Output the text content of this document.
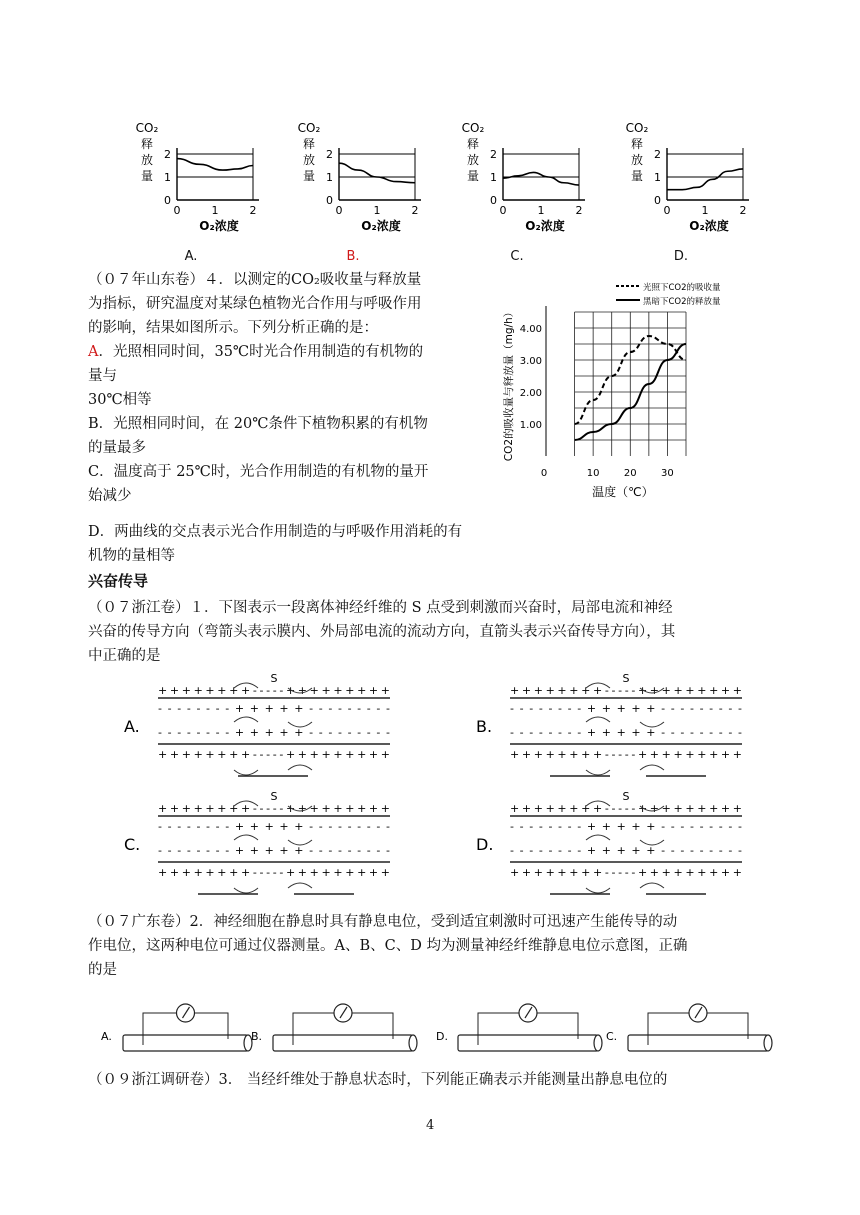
CO₂
释
放
量
0
1
2
0	1	2
O₂浓度
A.
CO₂
释
放
量
0
1
2
0	1	2
O₂浓度
B.
CO₂
释
放
量
0
1
2
0	1	2
O₂浓度
C.
CO₂
释
放
量
0
1
2
0	1	2
O₂浓度
D.
（０７年山东卷）４．以测定的CO₂吸收量与释放量
为指标，研究温度对某绿色植物光合作用与呼吸作用
的影响，结果如图所示。下列分析正确的是：
A．光照相同时间，35℃时光合作用制造的有机物的
量与
30℃相等
B．光照相同时间，在 20℃条件下植物积累的有机物
的量最多
C．温度高于 25℃时，光合作用制造的有机物的量开
始减少
D．两曲线的交点表示光合作用制造的与呼吸作用消耗的有
机物的量相等
1.00
2.00
3.00
4.00
0	10 20 30
温度（℃）
CO2的吸收量与释放量（mg/h）
光照下CO2的吸收量
黑暗下CO2的释放量
兴奋传导
（０７浙江卷）１．下图表示一段离体神经纤维的 S 点受到刺激而兴奋时，局部电流和神经
兴奋的传导方向（弯箭头表示膜内、外局部电流的流动方向，直箭头表示兴奋传导方向），其
中正确的是
A.
S
+ + + + + + + + - - - - - + + + + + + + + +
- - - - - - - - + + + + + - - - - - - - - -
- - - - - - - - + + + + + - - - - - - - - -
+ + + + + + + + - - - - - + + + + + + + + +
B.
S
+ + + + + + + + - - - - - + + + + + + + + +
- - - - - - - - + + + + + - - - - - - - - -
- - - - - - - - + + + + + - - - - - - - - -
+ + + + + + + + - - - - - + + + + + + + + +
C.
S
+ + + + + + + + - - - - - + + + + + + + + +
- - - - - - - - + + + + + - - - - - - - - -
- - - - - - - - + + + + + - - - - - - - - -
+ + + + + + + + - - - - - + + + + + + + + +
D.
S
+ + + + + + + + - - - - - + + + + + + + + +
- - - - - - - - + + + + + - - - - - - - - -
- - - - - - - - + + + + + - - - - - - - - -
+ + + + + + + + - - - - - + + + + + + + + +
（０７广东卷）2．神经细胞在静息时具有静息电位，受到适宜刺激时可迅速产生能传导的动
作电位，这两种电位可通过仪器测量。A、B、C、D 均为测量神经纤维静息电位示意图，正确
的是
A.	B.	D.	C.
（０９浙江调研卷）3． 当经纤维处于静息状态时，下列能正确表示并能测量出静息电位的
4
